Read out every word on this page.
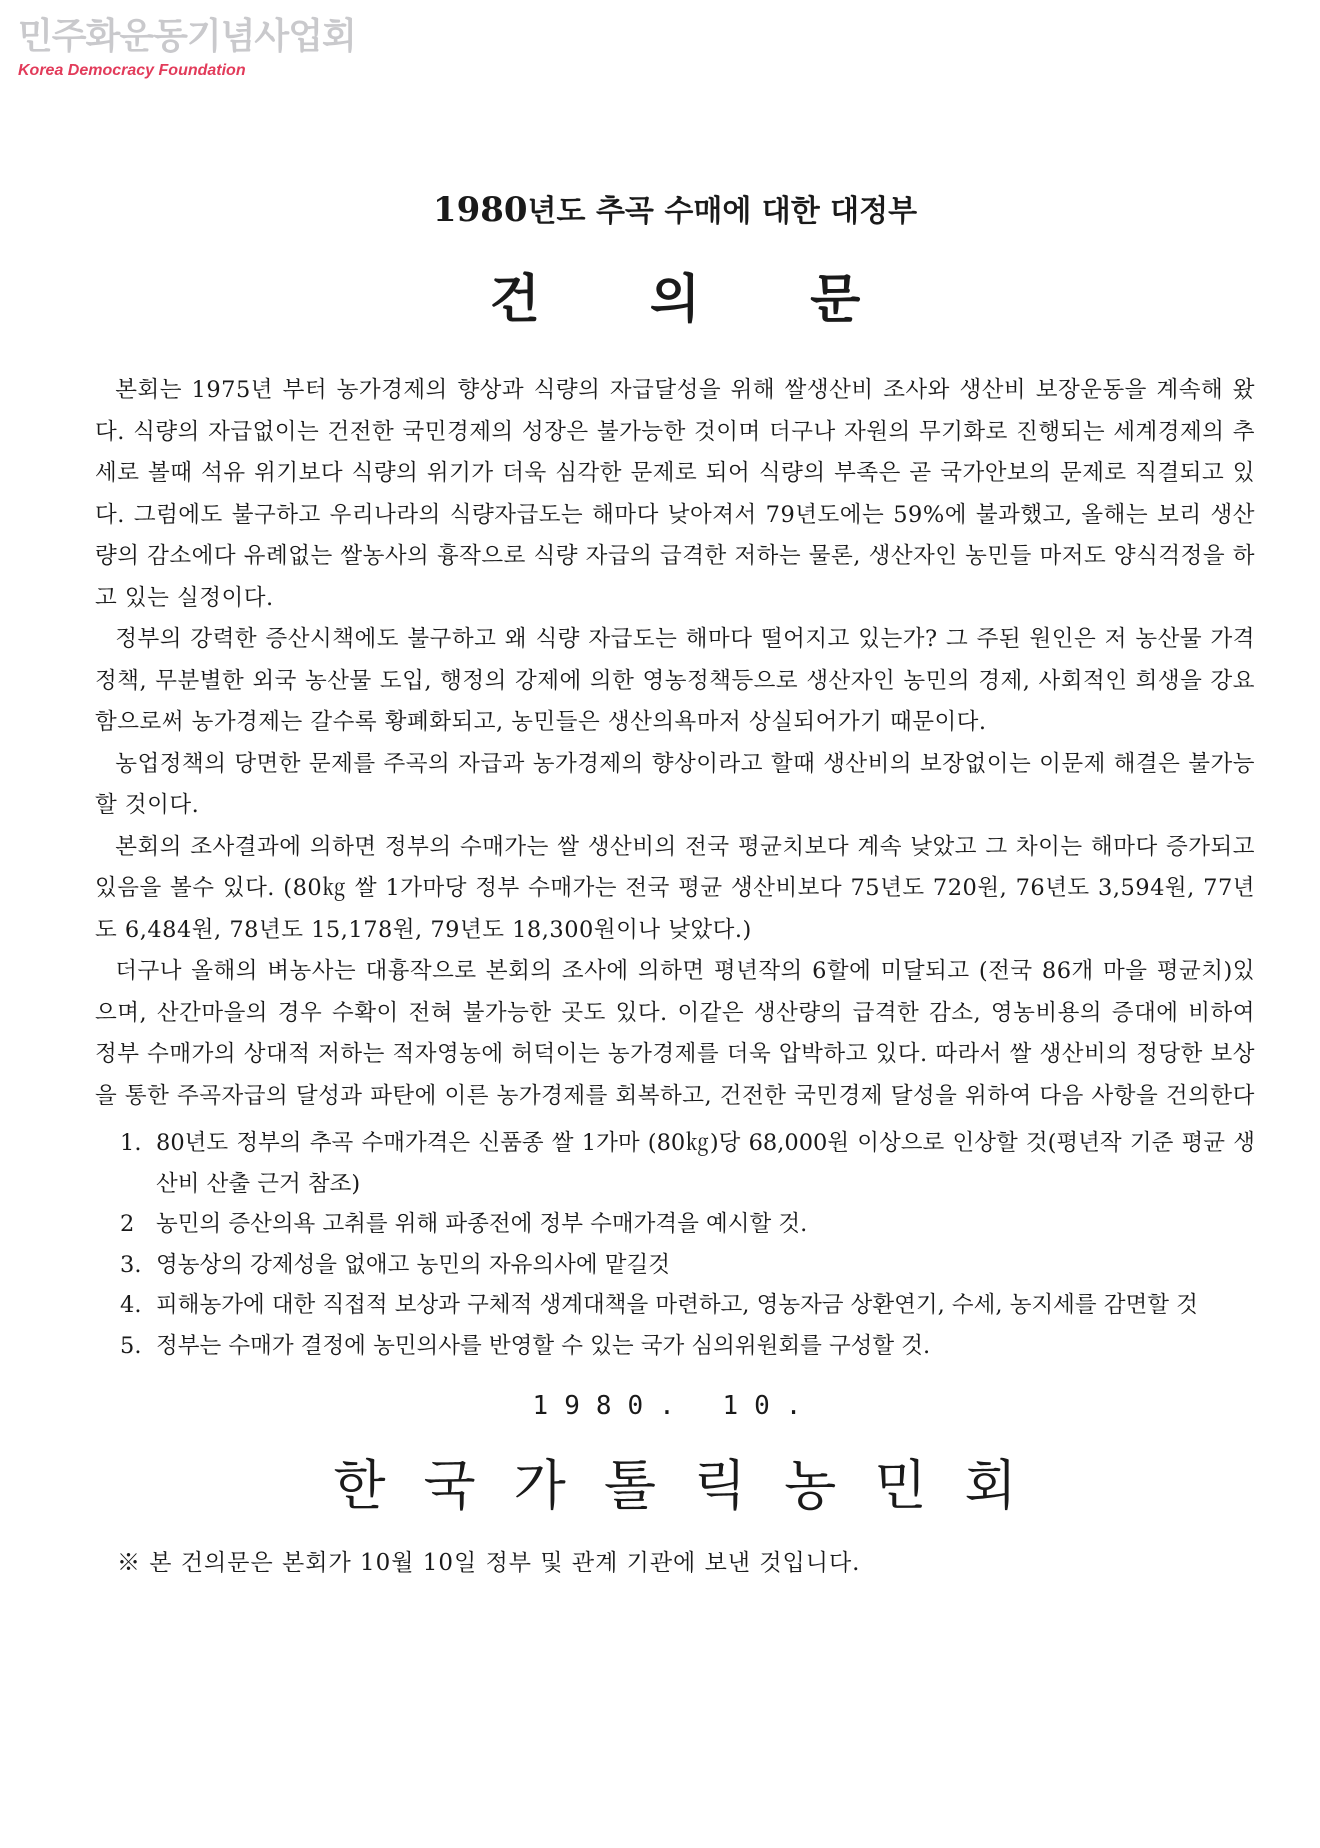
민주화운동기념사업회
Korea Democracy Foundation
1980년도 추곡 수매에 대한 대정부
건의문

본회는 1975년 부터 농가경제의 향상과 식량의 자급달성을 위해 쌀생산비 조사와 생산비 보장운동을 계속해 왔다. 식량의 자급없이는 건전한 국민경제의 성장은 불가능한 것이며 더구나 자원의 무기화로 진행되는 세계경제의 추세로 볼때 석유 위기보다 식량의 위기가 더욱 심각한 문제로 되어 식량의 부족은 곧 국가안보의 문제로 직결되고 있다. 그럼에도 불구하고 우리나라의 식량자급도는 해마다 낮아져서 79년도에는 59%에 불과했고, 올해는 보리 생산량의 감소에다 유례없는 쌀농사의 흉작으로 식량 자급의 급격한 저하는 물론, 생산자인 농민들 마저도 양식걱정을 하고 있는 실정이다.

정부의 강력한 증산시책에도 불구하고 왜 식량 자급도는 해마다 떨어지고 있는가? 그 주된 원인은 저 농산물 가격정책, 무분별한 외국 농산물 도입, 행정의 강제에 의한 영농정책등으로 생산자인 농민의 경제, 사회적인 희생을 강요함으로써 농가경제는 갈수록 황폐화되고, 농민들은 생산의욕마저 상실되어가기 때문이다.

농업정책의 당면한 문제를 주곡의 자급과 농가경제의 향상이라고 할때 생산비의 보장없이는 이문제 해결은 불가능할 것이다.

본회의 조사결과에 의하면 정부의 수매가는 쌀 생산비의 전국 평균치보다 계속 낮았고 그 차이는 해마다 증가되고 있음을 볼수 있다. (80㎏ 쌀 1가마당 정부 수매가는 전국 평균 생산비보다 75년도 720원, 76년도 3,594원, 77년도 6,484원, 78년도 15,178원, 79년도 18,300원이나 낮았다.)

더구나 올해의 벼농사는 대흉작으로 본회의 조사에 의하면 평년작의 6할에 미달되고 (전국 86개 마을 평균치)있으며, 산간마을의 경우 수확이 전혀 불가능한 곳도 있다. 이같은 생산량의 급격한 감소, 영농비용의 증대에 비하여 정부 수매가의 상대적 저하는 적자영농에 허덕이는 농가경제를 더욱 압박하고 있다. 따라서 쌀 생산비의 정당한 보상을 통한 주곡자급의 달성과 파탄에 이른 농가경제를 회복하고, 건전한 국민경제 달성을 위하여 다음 사항을 건의한다

1. 80년도 정부의 추곡 수매가격은 신품종 쌀 1가마 (80㎏)당 68,000원 이상으로 인상할 것(평년작 기준 평균 생산비 산출 근거 참조)
2 농민의 증산의욕 고취를 위해 파종전에 정부 수매가격을 예시할 것.
3. 영농상의 강제성을 없애고 농민의 자유의사에 맡길것
4. 피해농가에 대한 직접적 보상과 구체적 생계대책을 마련하고, 영농자금 상환연기, 수세, 농지세를 감면할 것
5. 정부는 수매가 결정에 농민의사를 반영할 수 있는 국가 심의위원회를 구성할 것.
1980. 10.
한국가톨릭농민회
※ 본 건의문은 본회가 10월 10일 정부 및 관계 기관에 보낸 것입니다.
